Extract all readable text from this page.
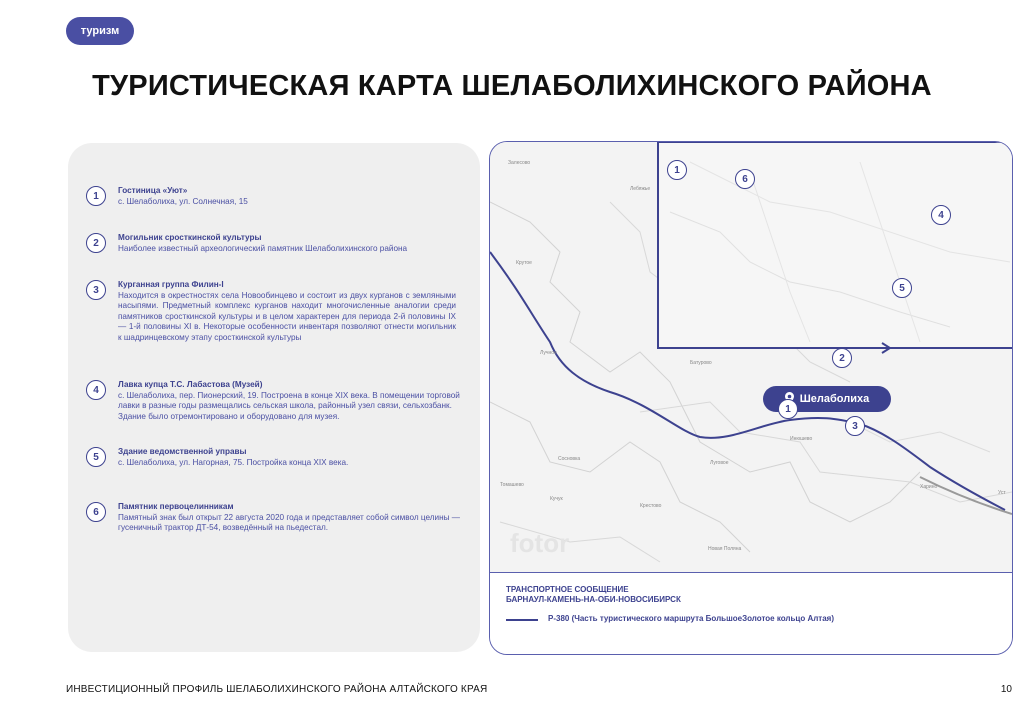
туризм
ТУРИСТИЧЕСКАЯ КАРТА ШЕЛАБОЛИХИНСКОГО РАЙОНА
1	Гостиница «Уют»
с. Шелаболиха, ул. Солнечная, 15
2	Могильник сросткинской культуры
Наиболее известный археологический памятник Шелаболихинского района
3	Курганная группа Филин-I
Находится в окрестностях села Новообинцево и состоит из двух курганов с земляными насыпями. Предметный комплекс курганов находит многочисленные аналогии среди памятников сросткинской культуры и в целом характерен для периода 2-й половины IX — 1-й половины XI в. Некоторые особенности инвентаря позволяют отнести могильник к шадринцевскому этапу сросткинской культуры
4	Лавка купца Т.С. Лабастова (Музей)
с. Шелаболиха, пер. Пионерский, 19. Построена в конце XIX века. В помещении торговой лавки в разные годы размещались сельская школа, районный узел связи, сельхозбанк. Здание было отремонтировано и оборудовано для музея.
5	Здание ведомственной управы
с. Шелаболиха, ул. Нагорная, 75. Постройка конца XIX века.
6	Памятник первоцелинникам
Памятный знак был открыт 22 августа 2020 года и представляет собой символ целины — гусеничный трактор ДТ-54, возведённый на пьедестал.
Залесово
Лебяжье
Крутое
Лучное
Батурово
Сосновка
Томашево
Кучук
Крестово
Луговое
Инюшево
Харино
Уст
Новая Поляна
fotor
1
6
4
5
2
3
ТРАНСПОРТНОЕ СООБЩЕНИЕ
БАРНАУЛ-КАМЕНЬ-НА-ОБИ-НОВОСИБИРСК
Р-380 (Часть туристического маршрута БольшоеЗолотое кольцо Алтая)
Шелаболиха
1
ИНВЕСТИЦИОННЫЙ ПРОФИЛЬ ШЕЛАБОЛИХИНСКОГО РАЙОНА АЛТАЙСКОГО КРАЯ	10
